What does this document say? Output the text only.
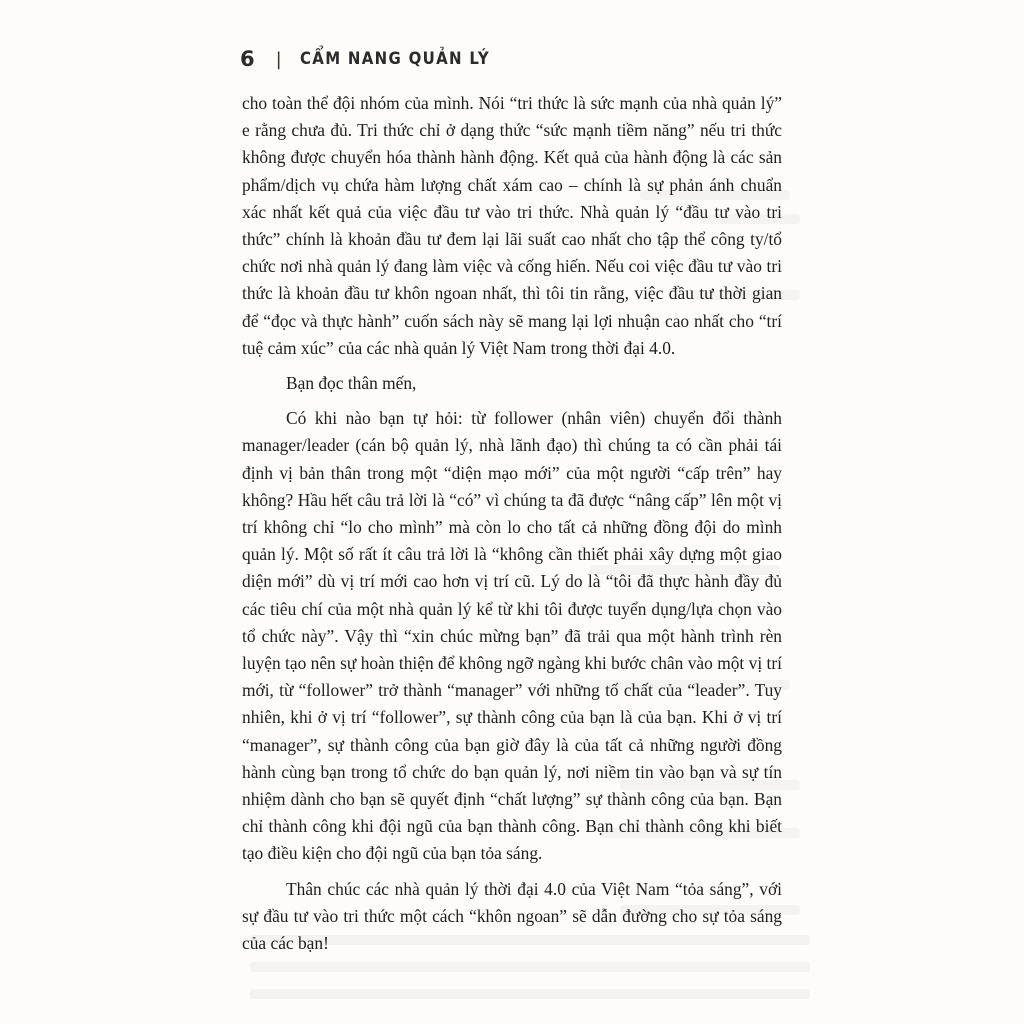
6 | CẨM NANG QUẢN LÝ

cho toàn thể đội nhóm của mình. Nói “tri thức là sức mạnh của nhà quản lý” e rằng chưa đủ. Tri thức chỉ ở dạng thức “sức mạnh tiềm năng” nếu tri thức không được chuyển hóa thành hành động. Kết quả của hành động là các sản phẩm/dịch vụ chứa hàm lượng chất xám cao – chính là sự phản ánh chuẩn xác nhất kết quả của việc đầu tư vào tri thức. Nhà quản lý “đầu tư vào tri thức” chính là khoản đầu tư đem lại lãi suất cao nhất cho tập thể công ty/tổ chức nơi nhà quản lý đang làm việc và cống hiến. Nếu coi việc đầu tư vào tri thức là khoản đầu tư khôn ngoan nhất, thì tôi tin rằng, việc đầu tư thời gian để “đọc và thực hành” cuốn sách này sẽ mang lại lợi nhuận cao nhất cho “trí tuệ cảm xúc” của các nhà quản lý Việt Nam trong thời đại 4.0.

Bạn đọc thân mến,

Có khi nào bạn tự hỏi: từ follower (nhân viên) chuyển đổi thành manager/leader (cán bộ quản lý, nhà lãnh đạo) thì chúng ta có cần phải tái định vị bản thân trong một “diện mạo mới” của một người “cấp trên” hay không? Hầu hết câu trả lời là “có” vì chúng ta đã được “nâng cấp” lên một vị trí không chỉ “lo cho mình” mà còn lo cho tất cả những đồng đội do mình quản lý. Một số rất ít câu trả lời là “không cần thiết phải xây dựng một giao diện mới” dù vị trí mới cao hơn vị trí cũ. Lý do là “tôi đã thực hành đầy đủ các tiêu chí của một nhà quản lý kể từ khi tôi được tuyển dụng/lựa chọn vào tổ chức này”. Vậy thì “xin chúc mừng bạn” đã trải qua một hành trình rèn luyện tạo nên sự hoàn thiện để không ngỡ ngàng khi bước chân vào một vị trí mới, từ “follower” trở thành “manager” với những tố chất của “leader”. Tuy nhiên, khi ở vị trí “follower”, sự thành công của bạn là của bạn. Khi ở vị trí “manager”, sự thành công của bạn giờ đây là của tất cả những người đồng hành cùng bạn trong tổ chức do bạn quản lý, nơi niềm tin vào bạn và sự tín nhiệm dành cho bạn sẽ quyết định “chất lượng” sự thành công của bạn. Bạn chỉ thành công khi đội ngũ của bạn thành công. Bạn chỉ thành công khi biết tạo điều kiện cho đội ngũ của bạn tỏa sáng.

Thân chúc các nhà quản lý thời đại 4.0 của Việt Nam “tỏa sáng”, với sự đầu tư vào tri thức một cách “khôn ngoan” sẽ dẫn đường cho sự tỏa sáng của các bạn!
